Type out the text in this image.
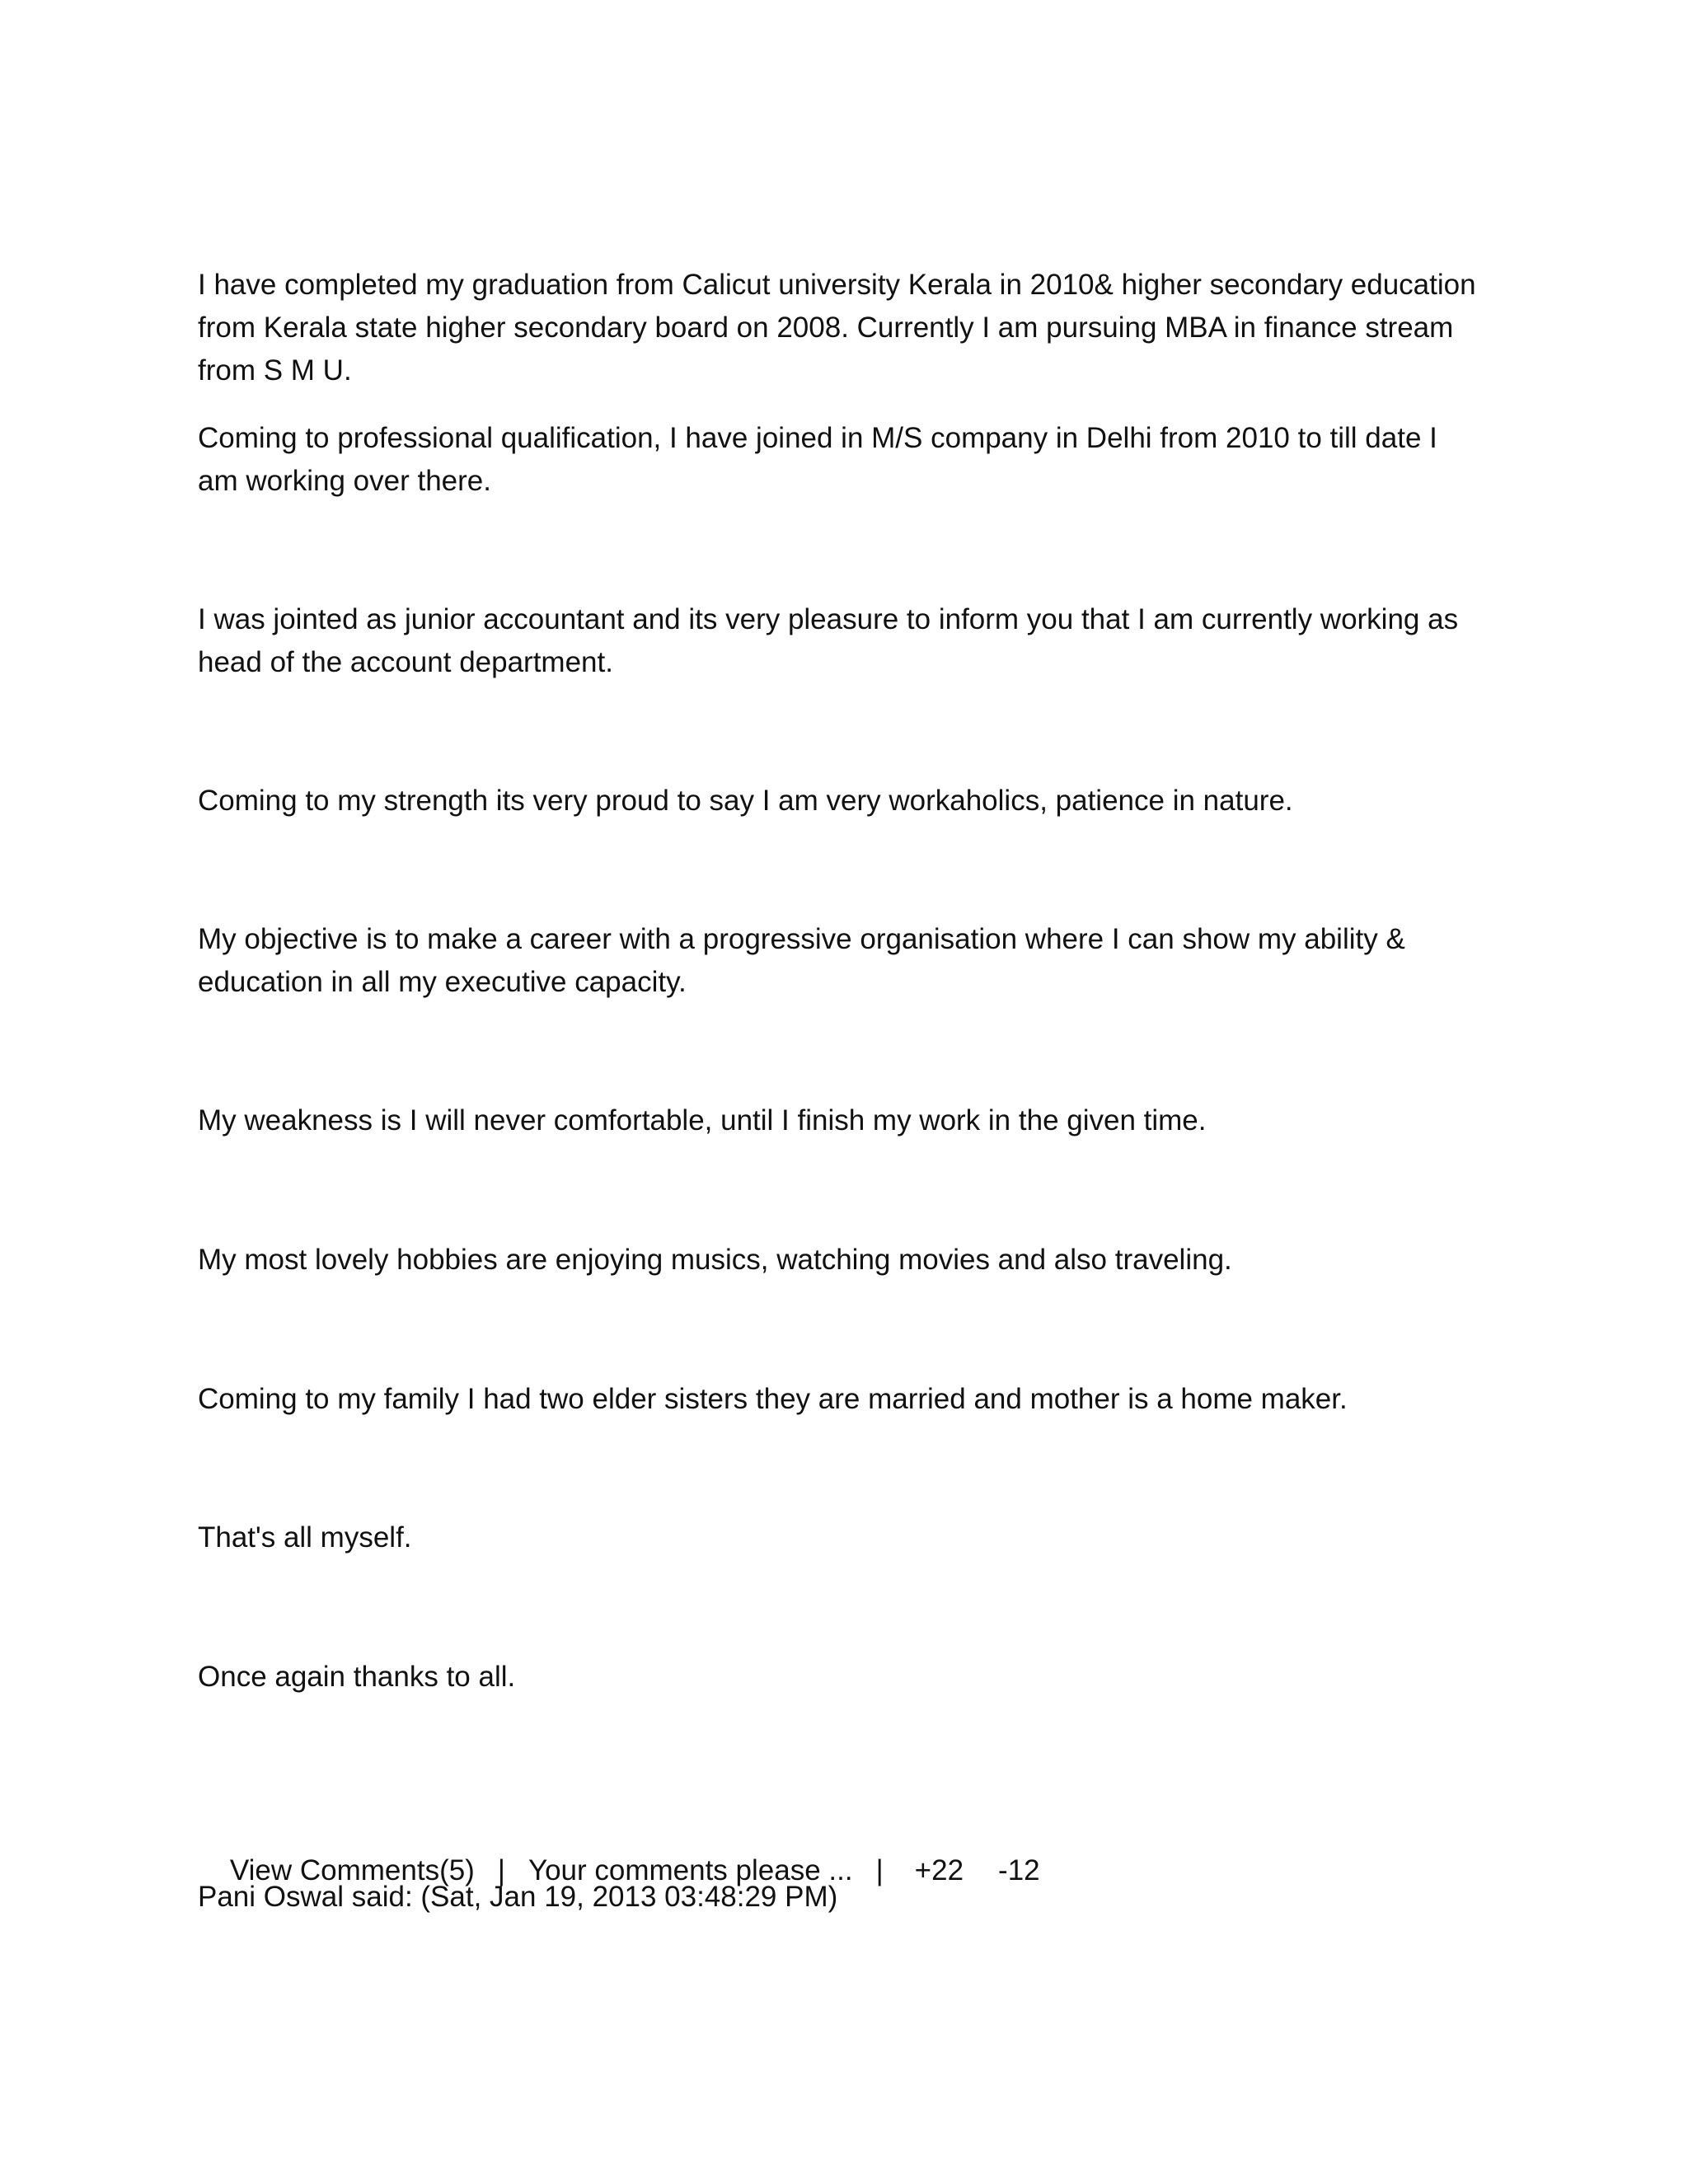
I have completed my graduation from Calicut university Kerala in 2010& higher secondary education from Kerala state higher secondary board on 2008. Currently I am pursuing MBA in finance stream from S M U.

Coming to professional qualification, I have joined in M/S company in Delhi from 2010 to till date I am working over there.

I was jointed as junior accountant and its very pleasure to inform you that I am currently working as head of the account department.

Coming to my strength its very proud to say I am very workaholics, patience in nature.

My objective is to make a career with a progressive organisation where I can show my ability & education in all my executive capacity.

My weakness is I will never comfortable, until I finish my work in the given time.

My most lovely hobbies are enjoying musics, watching movies and also traveling.

Coming to my family I had two elder sisters they are married and mother is a home maker.

That's all myself.

Once again thanks to all.

View Comments(5) | Your comments please ... | +22 -12

Pani Oswal said: (Sat, Jan 19, 2013 03:48:29 PM)
